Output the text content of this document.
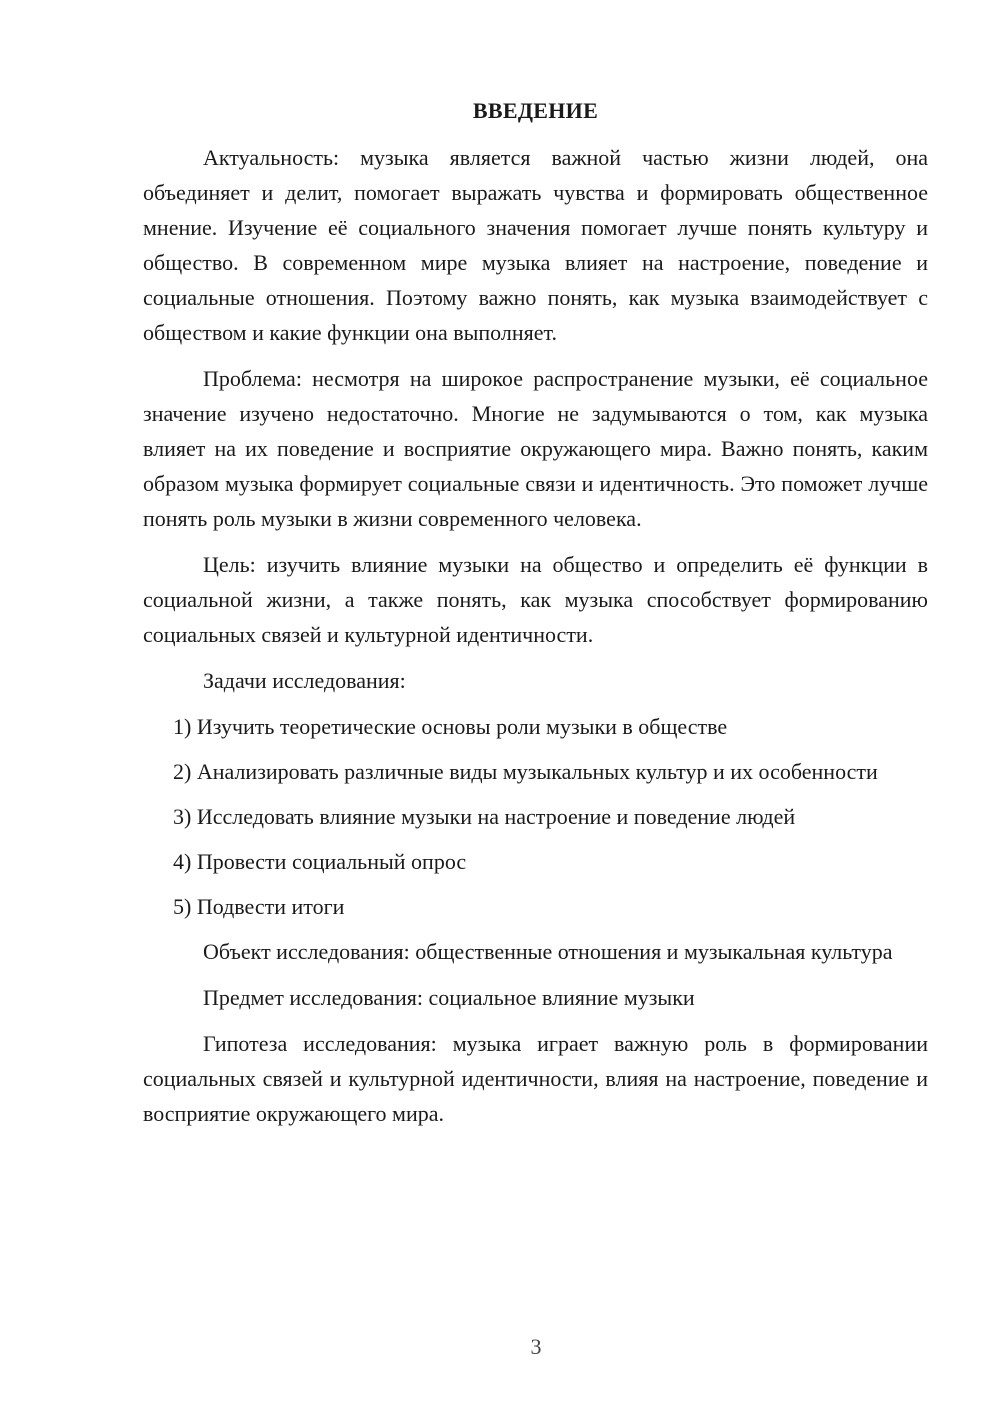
ВВЕДЕНИЕ

Актуальность: музыка является важной частью жизни людей, она объединяет и делит, помогает выражать чувства и формировать общественное мнение. Изучение её социального значения помогает лучше понять культуру и общество. В современном мире музыка влияет на настроение, поведение и социальные отношения. Поэтому важно понять, как музыка взаимодействует с обществом и какие функции она выполняет.

Проблема: несмотря на широкое распространение музыки, её социальное значение изучено недостаточно. Многие не задумываются о том, как музыка влияет на их поведение и восприятие окружающего мира. Важно понять, каким образом музыка формирует социальные связи и идентичность. Это поможет лучше понять роль музыки в жизни современного человека.

Цель: изучить влияние музыки на общество и определить её функции в социальной жизни, а также понять, как музыка способствует формированию социальных связей и культурной идентичности.

Задачи исследования:

1) Изучить теоретические основы роли музыки в обществе

2) Анализировать различные виды музыкальных культур и их особенности

3) Исследовать влияние музыки на настроение и поведение людей

4) Провести социальный опрос

5) Подвести итоги

Объект исследования: общественные отношения и музыкальная культура

Предмет исследования: социальное влияние музыки

Гипотеза исследования: музыка играет важную роль в формировании социальных связей и культурной идентичности, влияя на настроение, поведение и восприятие окружающего мира.

3
